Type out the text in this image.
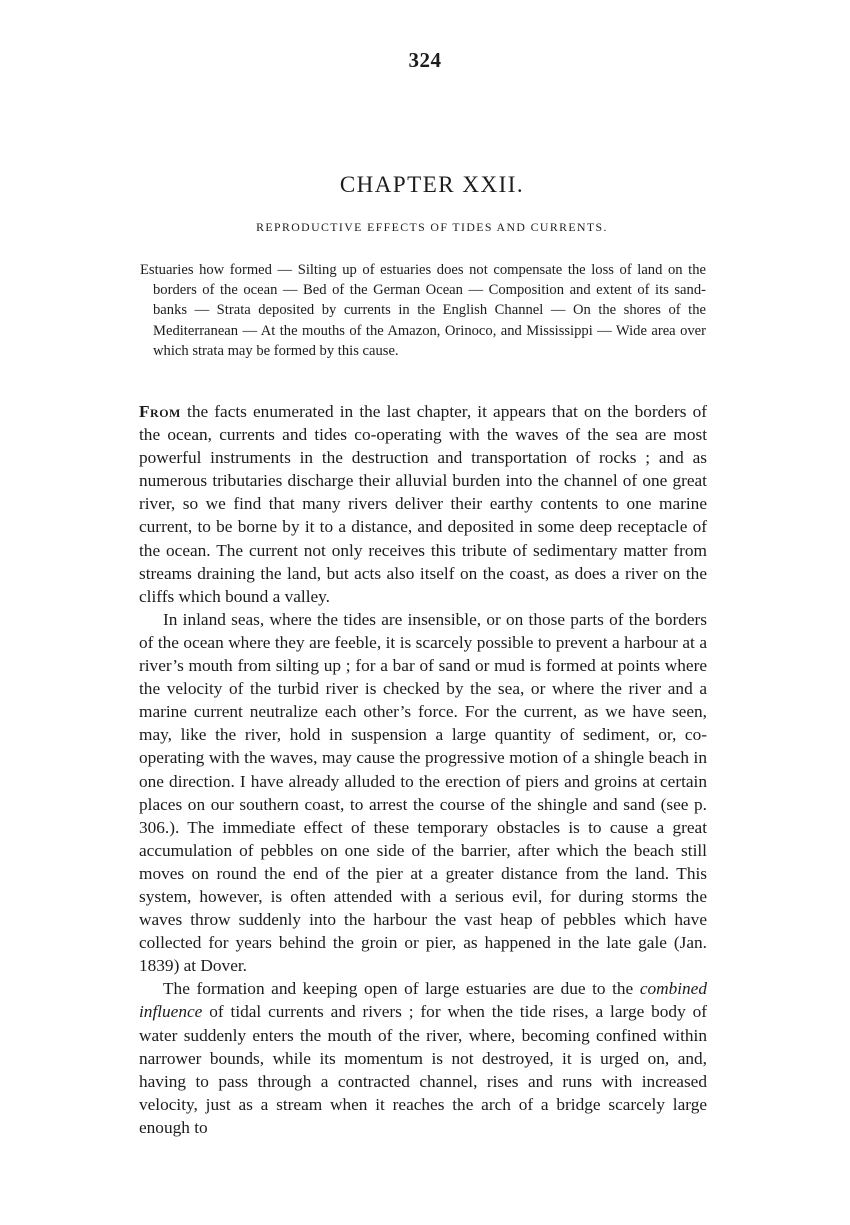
324
CHAPTER XXII.
REPRODUCTIVE EFFECTS OF TIDES AND CURRENTS.

Estuaries how formed — Silting up of estuaries does not compensate the loss of land on the borders of the ocean — Bed of the German Ocean — Composition and extent of its sand-banks — Strata deposited by currents in the English Channel — On the shores of the Mediterranean — At the mouths of the Amazon, Orinoco, and Mississippi — Wide area over which strata may be formed by this cause.

From the facts enumerated in the last chapter, it appears that on the borders of the ocean, currents and tides co-operating with the waves of the sea are most powerful instruments in the destruction and transportation of rocks ; and as numerous tributaries discharge their alluvial burden into the channel of one great river, so we find that many rivers deliver their earthy contents to one marine current, to be borne by it to a distance, and deposited in some deep receptacle of the ocean. The current not only receives this tribute of sedimentary matter from streams draining the land, but acts also itself on the coast, as does a river on the cliffs which bound a valley.

In inland seas, where the tides are insensible, or on those parts of the borders of the ocean where they are feeble, it is scarcely possible to prevent a harbour at a river’s mouth from silting up ; for a bar of sand or mud is formed at points where the velocity of the turbid river is checked by the sea, or where the river and a marine current neutralize each other’s force. For the current, as we have seen, may, like the river, hold in suspension a large quantity of sediment, or, co-operating with the waves, may cause the progressive motion of a shingle beach in one direction. I have already alluded to the erection of piers and groins at certain places on our southern coast, to arrest the course of the shingle and sand (see p. 306.). The immediate effect of these temporary obstacles is to cause a great accumulation of pebbles on one side of the barrier, after which the beach still moves on round the end of the pier at a greater distance from the land. This system, however, is often attended with a serious evil, for during storms the waves throw suddenly into the harbour the vast heap of pebbles which have collected for years behind the groin or pier, as happened in the late gale (Jan. 1839) at Dover.

The formation and keeping open of large estuaries are due to the combined influence of tidal currents and rivers ; for when the tide rises, a large body of water suddenly enters the mouth of the river, where, becoming confined within narrower bounds, while its momentum is not destroyed, it is urged on, and, having to pass through a contracted channel, rises and runs with increased velocity, just as a stream when it reaches the arch of a bridge scarcely large enough to
